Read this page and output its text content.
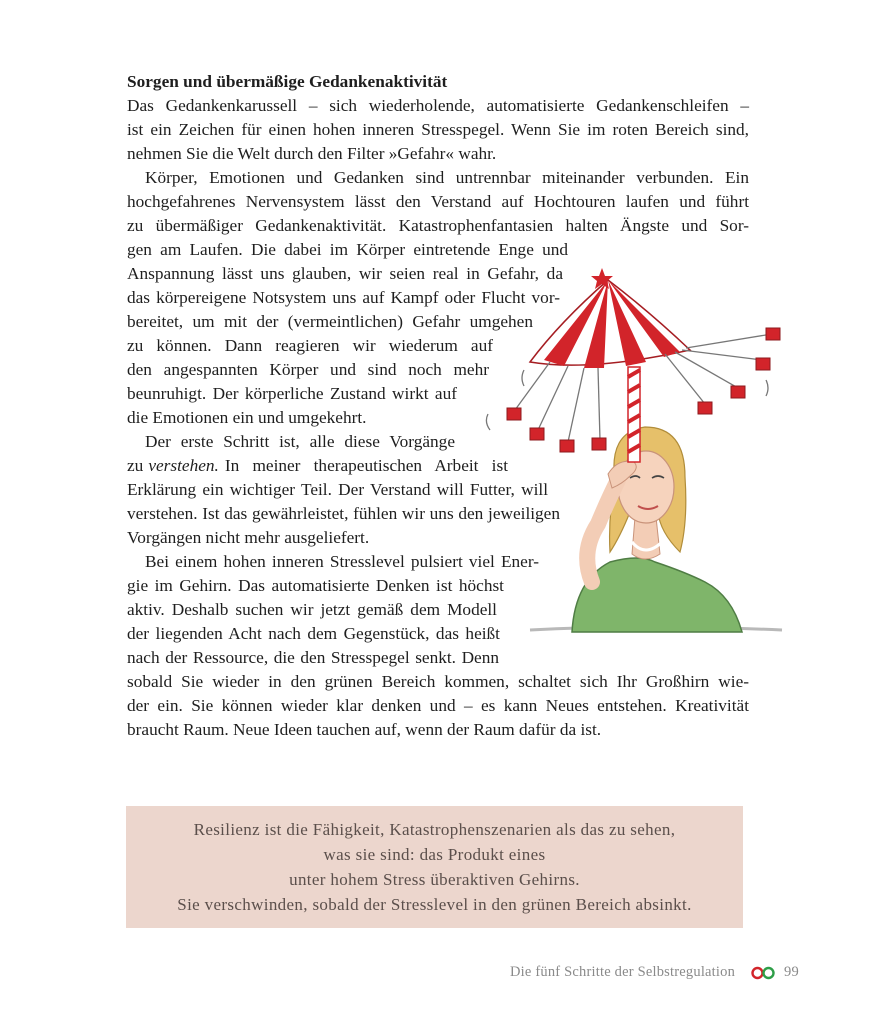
Sorgen und übermäßige Gedankenaktivität
Das Gedankenkarussell – sich wiederholende, automatisierte Gedankenschleifen –
ist ein Zeichen für einen hohen inneren Stresspegel. Wenn Sie im roten Bereich sind,
nehmen Sie die Welt durch den Filter »Gefahr« wahr.
Körper, Emotionen und Gedanken sind untrennbar miteinander verbunden. Ein
hochgefahrenes Nervensystem lässt den Verstand auf Hochtouren laufen und führt
zu übermäßiger Gedankenaktivität. Katastrophenfantasien halten Ängste und Sor-
gen am Laufen. Die dabei im Körper eintretende Enge und
Anspannung lässt uns glauben, wir seien real in Gefahr, da
das körpereigene Notsystem uns auf Kampf oder Flucht vor-
bereitet, um mit der (vermeintlichen) Gefahr umgehen
zu können. Dann reagieren wir wiederum auf
den angespannten Körper und sind noch mehr
beunruhigt. Der körperliche Zustand wirkt auf
die Emotionen ein und umgekehrt.
Der erste Schritt ist, alle diese Vorgänge
zu verstehen. In meiner therapeutischen Arbeit ist
Erklärung ein wichtiger Teil. Der Verstand will Futter, will
verstehen. Ist das gewährleistet, fühlen wir uns den jeweiligen
Vorgängen nicht mehr ausgeliefert.
Bei einem hohen inneren Stresslevel pulsiert viel Ener-
gie im Gehirn. Das automatisierte Denken ist höchst
aktiv. Deshalb suchen wir jetzt gemäß dem Modell
der liegenden Acht nach dem Gegenstück, das heißt
nach der Ressource, die den Stresspegel senkt. Denn
sobald Sie wieder in den grünen Bereich kommen, schaltet sich Ihr Großhirn wie-
der ein. Sie können wieder klar denken und – es kann Neues entstehen. Kreativität
braucht Raum. Neue Ideen tauchen auf, wenn der Raum dafür da ist.
Resilienz ist die Fähigkeit, Katastrophenszenarien als das zu sehen,
was sie sind: das Produkt eines
unter hohem Stress überaktiven Gehirns.
Sie verschwinden, sobald der Stresslevel in den grünen Bereich absinkt.
Die fünf Schritte der Selbstregulation	99
